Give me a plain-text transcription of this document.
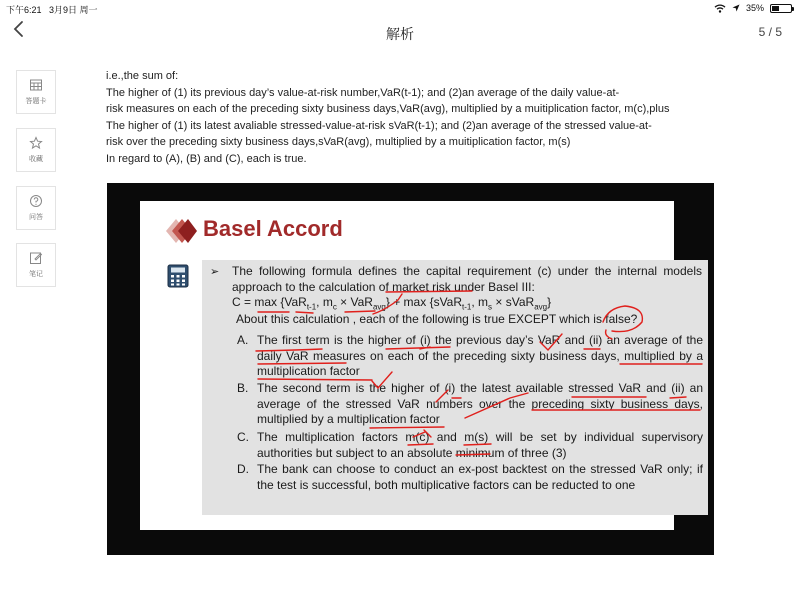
下午6:21 3月9日 周一	35%
解析	5 / 5
答题卡
收藏
问答
笔记
i.e.,the sum of:
The higher of (1) its previous day’s value-at-risk number,VaR(t-1); and (2)an average of the daily value-at-
risk measures on each of the preceding sixty business days,VaR(avg), multiplied by a muitiplication factor, m(c),plus
The higher of (1) its latest avaliable stressed-value-at-risk sVaR(t-1); and (2)an average of the stressed value-at-
risk over the preceding sixty business days,sVaR(avg), multiplied by a muitiplication factor, m(s)
In regard to (A), (B) and (C), each is true.
Basel Accord
➢ The following formula defines the capital requirement (c) under the internal models approach to the calculation of market risk under Basel III:
C = max {VaR$_{t-1}$, $m_c \times VaR_{avg}\} + \max$ {sVaR$_{t-1}$, $m_s$ × sVaR$_{avg}$}
About this calculation , each of the following is true EXCEPT which is false?
A. The first term is the higher of (i) the previous day’s VaR and (ii) an average of the daily VaR measures on each of the preceding sixty business days, multiplied by a multiplication factor
B. The second term is the higher of (i) the latest available stressed VaR and (ii) an average of the stressed VaR numbers over the preceding sixty business days, multiplied by a multiplication factor
C. The multiplication factors m(c) and m(s) will be set by individual supervisory authorities but subject to an absolute minimum of three (3)
D. The bank can choose to conduct an ex-post backtest on the stressed VaR only; if the test is successful, both multiplicative factors can be reducted to one
